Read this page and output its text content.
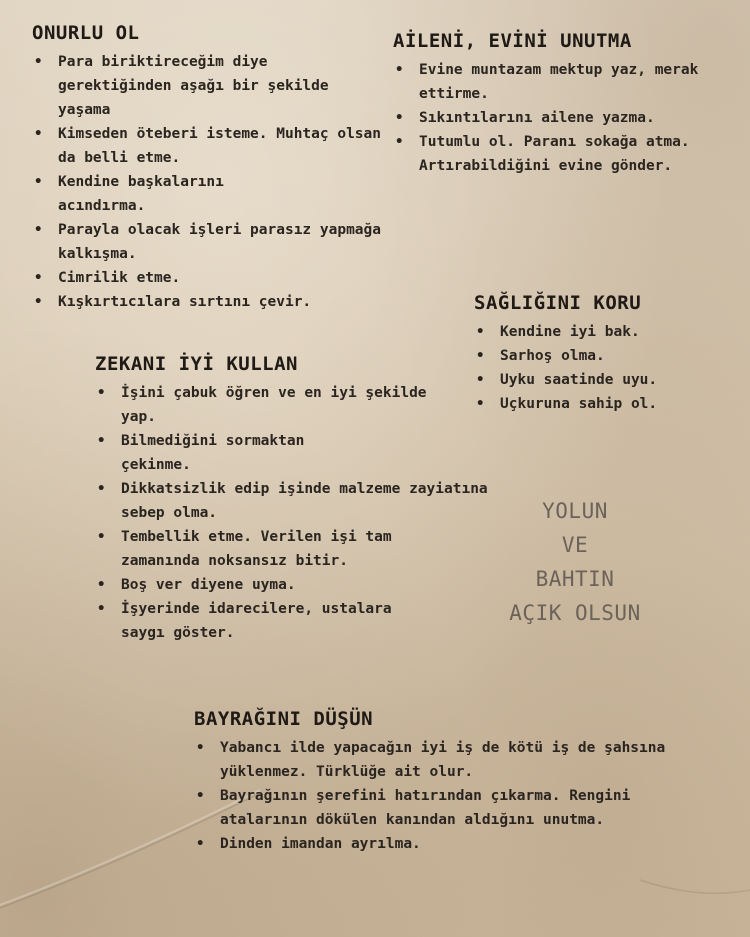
ONURLU OL
• Para biriktireceğim diye gerektiğinden aşağı bir şekilde yaşama
• Kimseden öteberi isteme. Muhtaç olsan da belli etme.
• Kendine başkalarını acındırma.
• Parayla olacak işleri parasız yapmağa kalkışma.
• Cimrilik etme.
• Kışkırtıcılara sırtını çevir.
AİLENİ, EVİNİ UNUTMA
• Evine muntazam mektup yaz, merak ettirme.
• Sıkıntılarını ailene yazma.
• Tutumlu ol. Paranı sokağa atma. Artırabildiğini evine gönder.
SAĞLIĞINI KORU
• Kendine iyi bak.
• Sarhoş olma.
• Uyku saatinde uyu.
• Uçkuruna sahip ol.
ZEKANI İYİ KULLAN
• İşini çabuk öğren ve en iyi şekilde yap.
• Bilmediğini sormaktan çekinme.
• Dikkatsizlik edip işinde malzeme zayiatına sebep olma.
• Tembellik etme. Verilen işi tam zamanında noksansız bitir.
• Boş ver diyene uyma.
• İşyerinde idarecilere, ustalara saygı göster.
YOLUN
VE
BAHTIN
AÇIK OLSUN
BAYRAĞINI DÜŞÜN
• Yabancı ilde yapacağın iyi iş de kötü iş de şahsına yüklenmez. Türklüğe ait olur.
• Bayrağının şerefini hatırından çıkarma. Rengini atalarının dökülen kanından aldığını unutma.
• Dinden imandan ayrılma.
